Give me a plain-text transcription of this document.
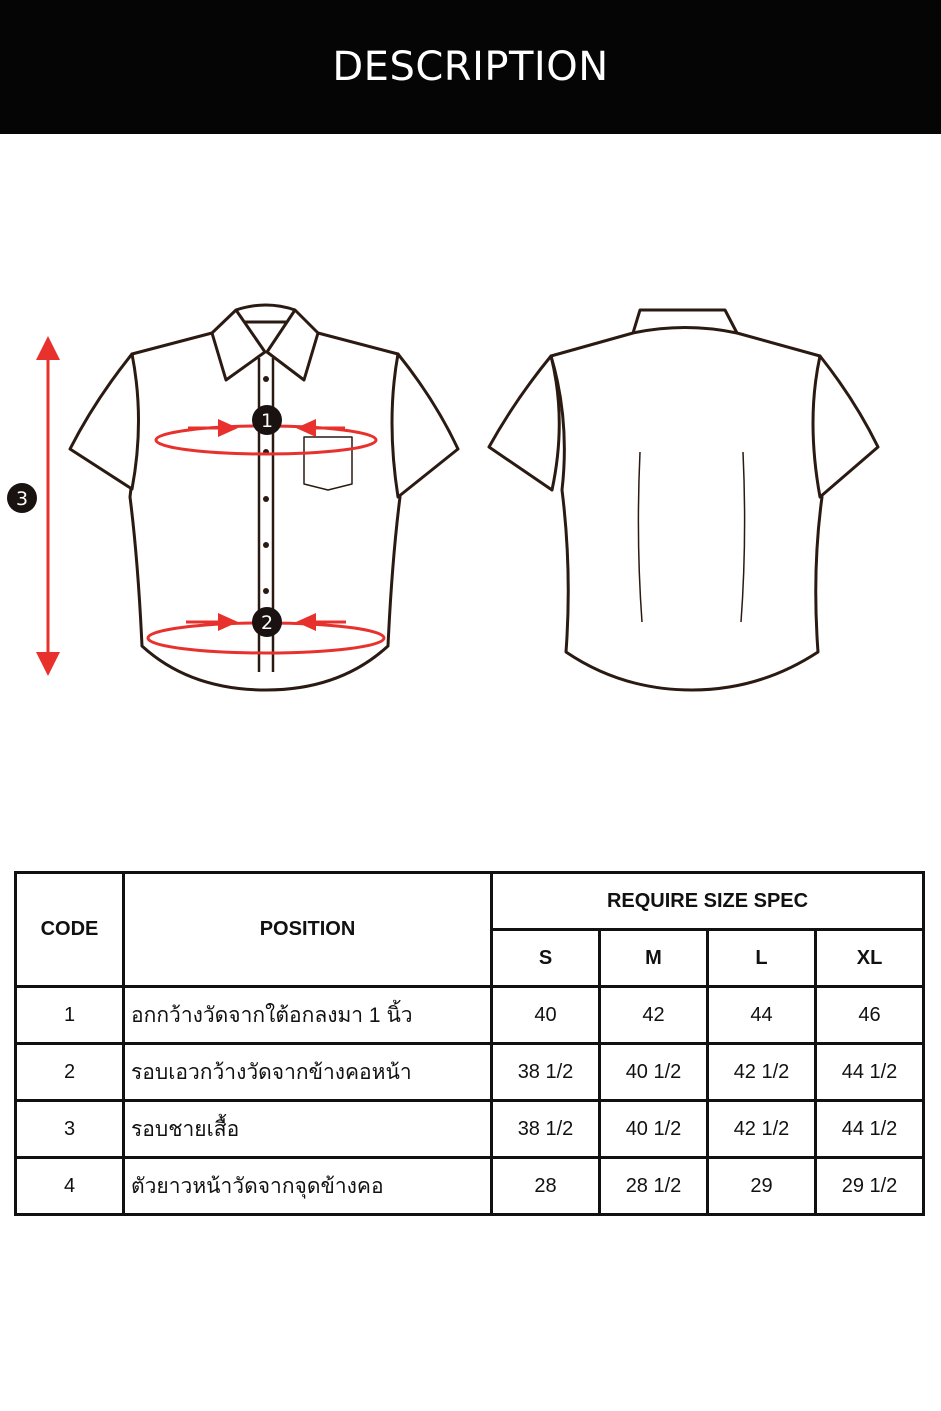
DESCRIPTION
1
2
3
CODE	POSITION	REQUIRE SIZE SPEC			
		S	M	L	XL
1	อกกว้างวัดจากใต้อกลงมา 1 นิ้ว	40	42	44	46
2	รอบเอวกว้างวัดจากข้างคอหน้า	38 1/2	40 1/2	42 1/2	44 1/2
3	รอบชายเสื้อ	38 1/2	40 1/2	42 1/2	44 1/2
4	ตัวยาวหน้าวัดจากจุดข้างคอ	28	28 1/2	29	29 1/2
